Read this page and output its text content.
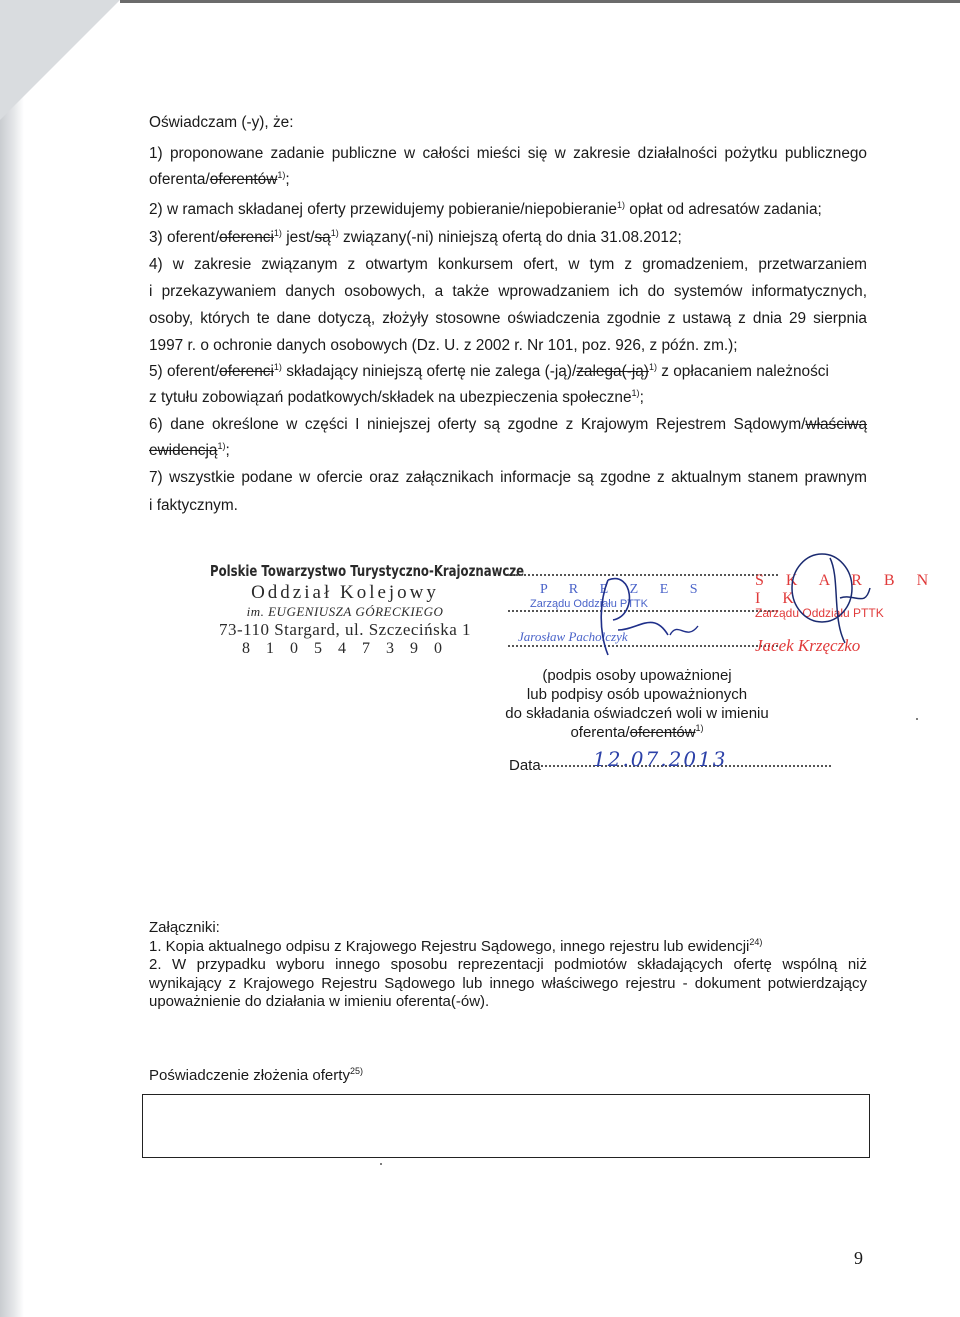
Oświadczam (-y), że:
1) proponowane zadanie publiczne w całości mieści się w zakresie działalności pożytku publicznego
oferenta/oferentów$^{1)}$;
2) w ramach składanej oferty przewidujemy pobieranie/niepobieranie$^{1)}$ opłat od adresatów zadania;
3) oferent/oferenci$^{1)}$ jest/$są^{1)}$ związany(-ni) niniejszą ofertą do dnia 31.08.2012;
4) w zakresie związanym z otwartym konkursem ofert, w tym z gromadzeniem, przetwarzaniem
i przekazywaniem danych osobowych, a także wprowadzaniem ich do systemów informatycznych,
osoby, których te dane dotyczą, złożyły stosowne oświadczenia zgodnie z ustawą z dnia 29 sierpnia
1997 r. o ochronie danych osobowych (Dz. U. z 2002 r. Nr 101, poz. 926, z późn. zm.);
5) oferent/oferenci$^{1)}$ składający niniejszą ofertę nie zalega (-ją)/zalega(-ją)$^{1)}$ z opłacaniem należności
z tytułu zobowiązań podatkowych/składek na ubezpieczenia społeczne$^{1)}$;
6) dane określone w części I niniejszej oferty są zgodne z Krajowym Rejestrem Sądowym/właściwą
ewidencją$^{1)}$;
7) wszystkie podane w ofercie oraz załącznikach informacje są zgodne z aktualnym stanem prawnym
i faktycznym.
Polskie Towarzystwo Turystyczno-Krajoznawcze
Oddział Kolejowy
im. EUGENIUSZA GÓRECKIEGO
73-110 Stargard, ul. Szczecińska 1
8 1 0 5 4 7 3 9 0
P R E Z E S
Zarządu Oddziału PTTK
Jarosław Pacholczyk
S K A R B N I K
Zarządu Oddziału PTTK
Jacek Krzęczko
(podpis osoby upoważnionej
lub podpisy osób upoważnionych
do składania oświadczeń woli w imieniu
oferenta/oferentów$^{1)}$
Data	12.07.2013
Załączniki:
1. Kopia aktualnego odpisu z Krajowego Rejestru Sądowego, innego rejestru lub ewidencji$^{24)}$
2. W przypadku wyboru innego sposobu reprezentacji podmiotów składających ofertę wspólną niż wynikający z Krajowego Rejestru Sądowego lub innego właściwego rejestru - dokument potwierdzający upoważnienie do działania w imieniu oferenta(-ów).
Poświadczenie złożenia oferty$^{25)}$
9
